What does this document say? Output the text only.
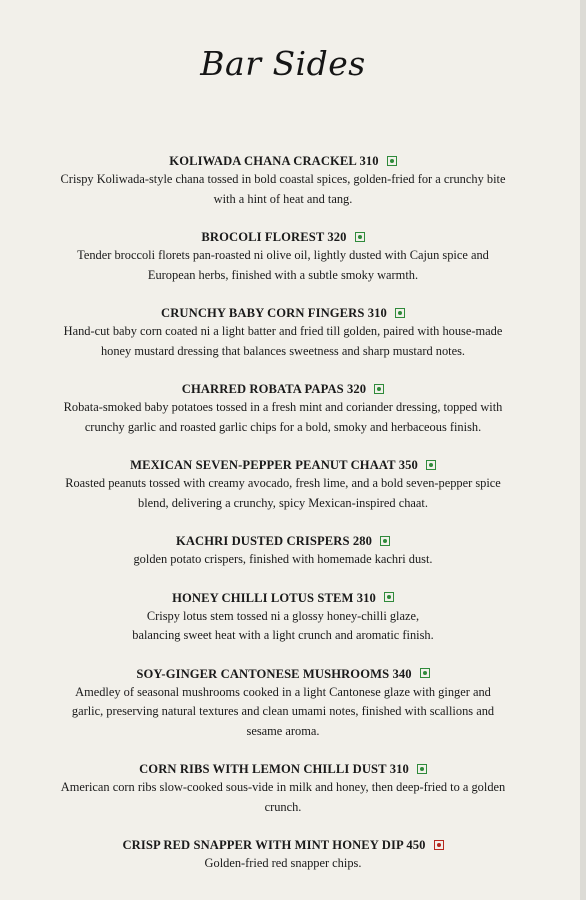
Bar Sides
KOLIWADA CHANA CRACKEL 310
Crispy Koliwada-style chana tossed in bold coastal spices, golden-fried for a crunchy bite
with a hint of heat and tang.
BROCOLI FLOREST 320
Tender broccoli florets pan-roasted ni olive oil, lightly dusted with Cajun spice and
European herbs, finished with a subtle smoky warmth.
CRUNCHY BABY CORN FINGERS 310
Hand-cut baby corn coated ni a light batter and fried till golden, paired with house-made
honey mustard dressing that balances sweetness and sharp mustard notes.
CHARRED ROBATA PAPAS 320
Robata-smoked baby potatoes tossed in a fresh mint and coriander dressing, topped with
crunchy garlic and roasted garlic chips for a bold, smoky and herbaceous finish.
MEXICAN SEVEN-PEPPER PEANUT CHAAT 350
Roasted peanuts tossed with creamy avocado, fresh lime, and a bold seven-pepper spice
blend, delivering a crunchy, spicy Mexican-inspired chaat.
KACHRI DUSTED CRISPERS 280
golden potato crispers, finished with homemade kachri dust.
HONEY CHILLI LOTUS STEM 310
Crispy lotus stem tossed ni a glossy honey-chilli glaze,
balancing sweet heat with a light crunch and aromatic finish.
SOY-GINGER CANTONESE MUSHROOMS 340
Amedley of seasonal mushrooms cooked in a light Cantonese glaze with ginger and
garlic, preserving natural textures and clean umami notes, finished with scallions and
sesame aroma.
CORN RIBS WITH LEMON CHILLI DUST 310
American corn ribs slow-cooked sous-vide in milk and honey, then deep-fried to a golden
crunch.
CRISP RED SNAPPER WITH MINT HONEY DIP 450
Golden-fried red snapper chips.
